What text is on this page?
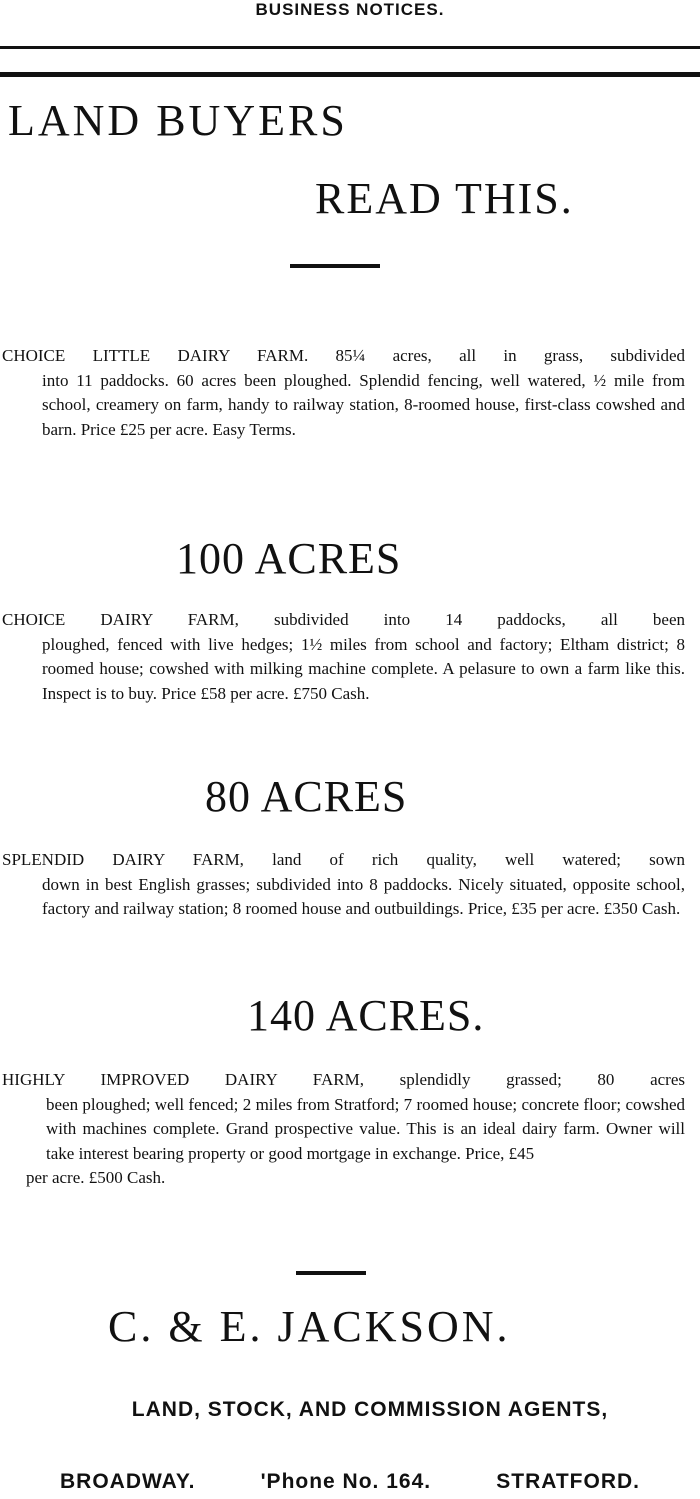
BUSINESS NOTICES.
LAND BUYERS
READ THIS.
CHOICE LITTLE DAIRY FARM. 85¼ acres, all in grass, subdivided
into 11 paddocks. 60 acres been ploughed. Splendid fencing, well watered, ½ mile from school, creamery on farm, handy to railway station, 8-roomed house, first-class cowshed and barn. Price £25 per acre. Easy Terms.
100 ACRES
CHOICE DAIRY FARM, subdivided into 14 paddocks, all been
ploughed, fenced with live hedges; 1½ miles from school and factory; Eltham district; 8 roomed house; cowshed with milking machine complete. A pelasure to own a farm like this. Inspect is to buy. Price £58 per acre. £750 Cash.
80 ACRES
SPLENDID DAIRY FARM, land of rich quality, well watered; sown
down in best English grasses; subdivided into 8 paddocks. Nicely situated, opposite school, factory and railway station; 8 roomed house and outbuildings. Price, £35 per acre. £350 Cash.
140 ACRES.
HIGHLY IMPROVED DAIRY FARM, splendidly grassed; 80 acres
been ploughed; well fenced; 2 miles from Stratford; 7 roomed house; concrete floor; cowshed with machines complete. Grand prospective value. This is an ideal dairy farm. Owner will take interest bearing property or good mortgage in exchange. Price, £45
per acre. £500 Cash.
C. & E. JACKSON.
LAND, STOCK, AND COMMISSION AGENTS,
BROADWAY.	'Phone No. 164.	STRATFORD.
